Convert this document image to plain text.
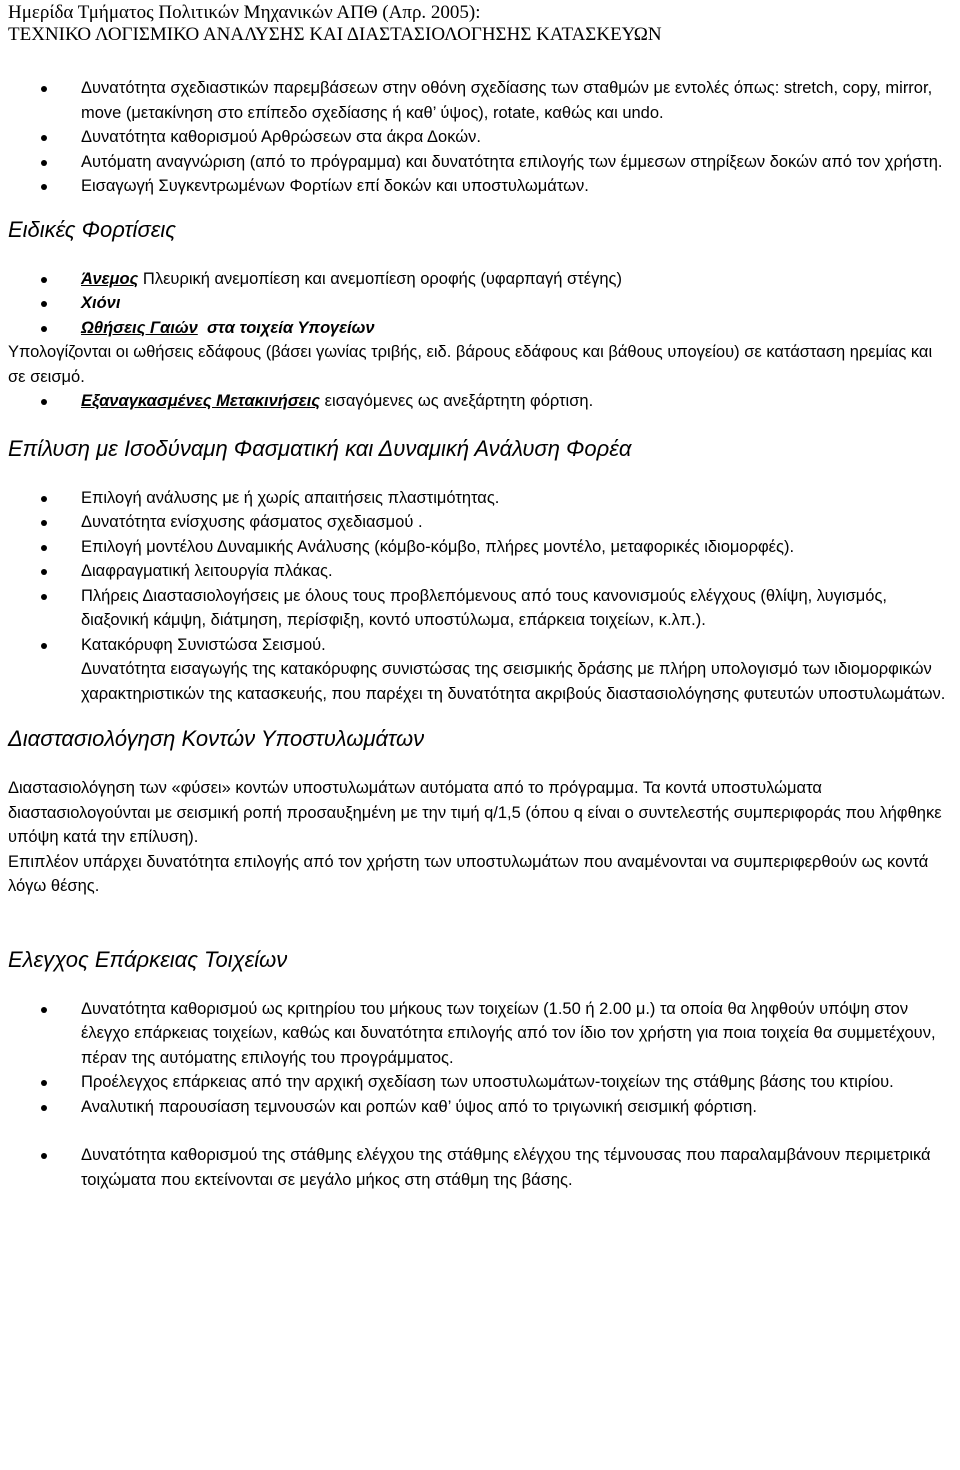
Ημερίδα Τμήματος Πολιτικών Μηχανικών ΑΠΘ (Απρ. 2005):
ΤΕΧΝΙΚΟ ΛΟΓΙΣΜΙΚΟ ΑΝΑΛΥΣΗΣ ΚΑΙ ΔΙΑΣΤΑΣΙΟΛΟΓΗΣΗΣ ΚΑΤΑΣΚΕΥΩΝ
Δυνατότητα σχεδιαστικών παρεμβάσεων στην οθόνη σχεδίασης των σταθμών με εντολές όπως: stretch, copy, mirror, move (μετακίνηση στο επίπεδο σχεδίασης ή καθ’ ύψος), rotate, καθώς και undo.
Δυνατότητα καθορισμού Αρθρώσεων στα άκρα Δοκών.
Αυτόματη αναγνώριση (από το πρόγραμμα) και δυνατότητα επιλογής των έμμεσων στηρίξεων δοκών από τον χρήστη.
Εισαγωγή Συγκεντρωμένων Φορτίων επί δοκών και υποστυλωμάτων.
Ειδικές Φορτίσεις
Άνεμος Πλευρική ανεμοπίεση και ανεμοπίεση οροφής (υφαρπαγή στέγης)
Χιόνι
Ωθήσεις Γαιών  στα τοιχεία Υπογείων

Υπολογίζονται οι ωθήσεις εδάφους (βάσει γωνίας τριβής, ειδ. βάρους εδάφους και βάθους υπογείου) σε κατάσταση ηρεμίας και σε σεισμό.

Εξαναγκασμένες Μετακινήσεις εισαγόμενες ως ανεξάρτητη φόρτιση.
Επίλυση με Ισοδύναμη Φασματική και Δυναμική Ανάλυση Φορέα
Επιλογή ανάλυσης με ή χωρίς απαιτήσεις πλαστιμότητας.
Δυνατότητα ενίσχυσης φάσματος σχεδιασμού .
Επιλογή μοντέλου Δυναμικής Ανάλυσης (κόμβο-κόμβο, πλήρες μοντέλο, μεταφορικές ιδιομορφές).
Διαφραγματική λειτουργία πλάκας.
Πλήρεις Διαστασιολογήσεις με όλους τους προβλεπόμενους από τους κανονισμούς ελέγχους (θλίψη, λυγισμός, διαξονική κάμψη, διάτμηση, περίσφιξη, κοντό υποστύλωμα, επάρκεια τοιχείων, κ.λπ.).
Κατακόρυφη Συνιστώσα Σεισμού.

Δυνατότητα εισαγωγής της κατακόρυφης συνιστώσας της σεισμικής δράσης με πλήρη υπολογισμό των ιδιομορφικών χαρακτηριστικών της κατασκευής, που παρέχει τη δυνατότητα ακριβούς διαστασιολόγησης φυτευτών υποστυλωμάτων.

Διαστασιολόγηση Κοντών Υποστυλωμάτων

Διαστασιολόγηση των «φύσει» κοντών υποστυλωμάτων αυτόματα από το πρόγραμμα. Τα κοντά υποστυλώματα διαστασιολογούνται με σεισμική ροπή προσαυξημένη με την τιμή q/1,5 (όπου q είναι ο συντελεστής συμπεριφοράς που λήφθηκε υπόψη κατά την επίλυση).

Επιπλέον υπάρχει δυνατότητα επιλογής από τον χρήστη των υποστυλωμάτων που αναμένονται να συμπεριφερθούν ως κοντά λόγω θέσης.

Ελεγχος Επάρκειας Τοιχείων
Δυνατότητα καθορισμού ως κριτηρίου του μήκους των τοιχείων (1.50 ή 2.00 μ.) τα οποία θα ληφθούν υπόψη στον έλεγχο επάρκειας τοιχείων, καθώς και δυνατότητα επιλογής από τον ίδιο τον χρήστη για ποια τοιχεία θα συμμετέχουν, πέραν της αυτόματης επιλογής του προγράμματος.
Προέλεγχος επάρκειας από την αρχική σχεδίαση των υποστυλωμάτων-τοιχείων της στάθμης βάσης του κτιρίου.
Αναλυτική παρουσίαση τεμνουσών και ροπών καθ’ ύψος από το τριγωνική σεισμική φόρτιση.
Δυνατότητα καθορισμού της στάθμης ελέγχου της στάθμης ελέγχου της τέμνουσας που παραλαμβάνουν περιμετρικά τοιχώματα που εκτείνονται σε μεγάλο μήκος στη στάθμη της βάσης.
